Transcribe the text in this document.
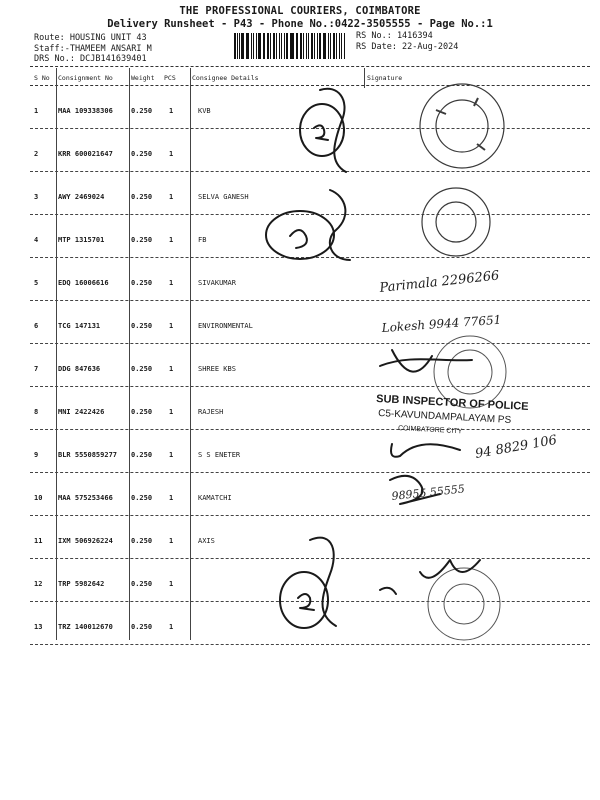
THE PROFESSIONAL COURIERS, COIMBATORE
Delivery Runsheet - P43 - Phone No.:0422-3505555 - Page No.:1
Route: HOUSING UNIT 43
Staff:-THAMEEM ANSARI M
DRS No.: DCJB141639401
RS No.: 1416394
RS Date: 22-Aug-2024
S No Consignment No	Weight PCS	Consignee Details	Signature
1	MAA 109338306	0.250 1	KVB
2	KRR 600021647	0.250 1
3	AWY 2469024	0.250 1	SELVA GANESH
4	MTP 1315701	0.250 1	FB
5	EDQ 16006616	0.250 1	SIVAKUMAR
6	TCG 147131	0.250 1	ENVIRONMENTAL
7	DDG 847636	0.250 1	SHREE KBS
8	MNI 2422426	0.250 1	RAJESH
9	BLR 5550859277 0.250 1	S S ENETER
10 MAA 575253466	0.250 1	KAMATCHI
11 IXM 506926224	0.250 1	AXIS
12 TRP 5982642	0.250 1
13 TRZ 140012670	0.250 1
Parimala 2296266
Lokesh 9944 77651
94 8829 106
98955 55555
SUB INSPECTOR OF POLICE
C5-KAVUNDAMPALAYAM PS
COIMBATORE CITY
